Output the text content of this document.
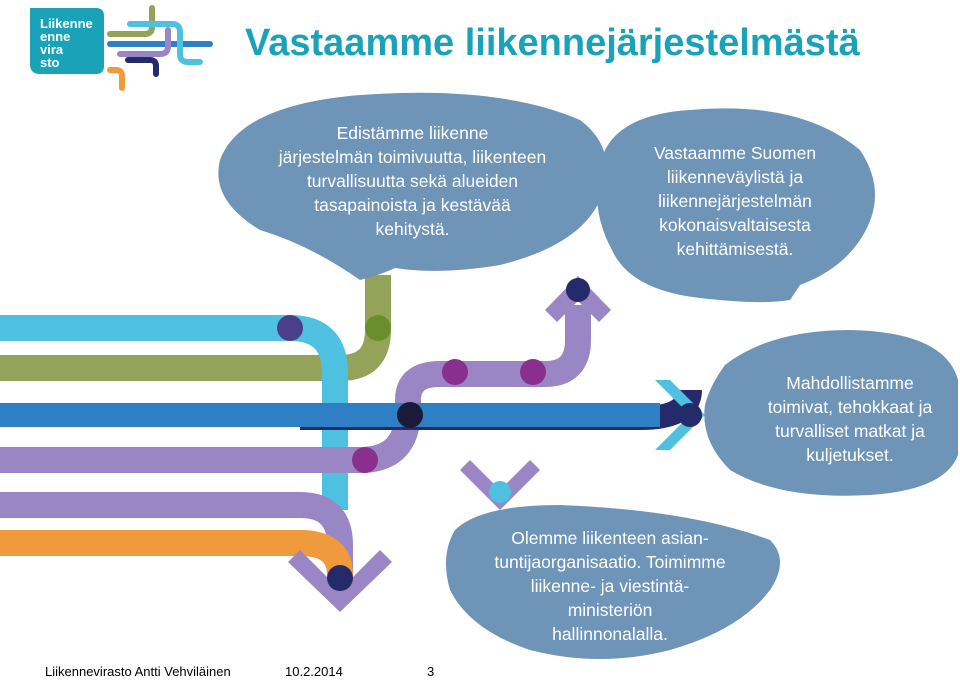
Liikenne
enne
vira
sto	Vastaamme liikennejärjestelmästä
Edistämme liikenne
järjestelmän toimivuutta, liikenteen
turvallisuutta sekä alueiden
tasapainoista ja kestävää
kehitystä.
Vastaamme Suomen
liikenneväylistä ja
liikennejärjestelmän
kokonaisvaltaisesta
kehittämisestä.
Mahdollistamme
toimivat, tehokkaat ja
turvalliset matkat ja
kuljetukset.
Olemme liikenteen asian-
tuntijaorganisaatio. Toimimme
liikenne- ja viestintä-
ministeriön
hallinnonalalla.
Liikennevirasto Antti Vehviläinen	10.2.2014	3
